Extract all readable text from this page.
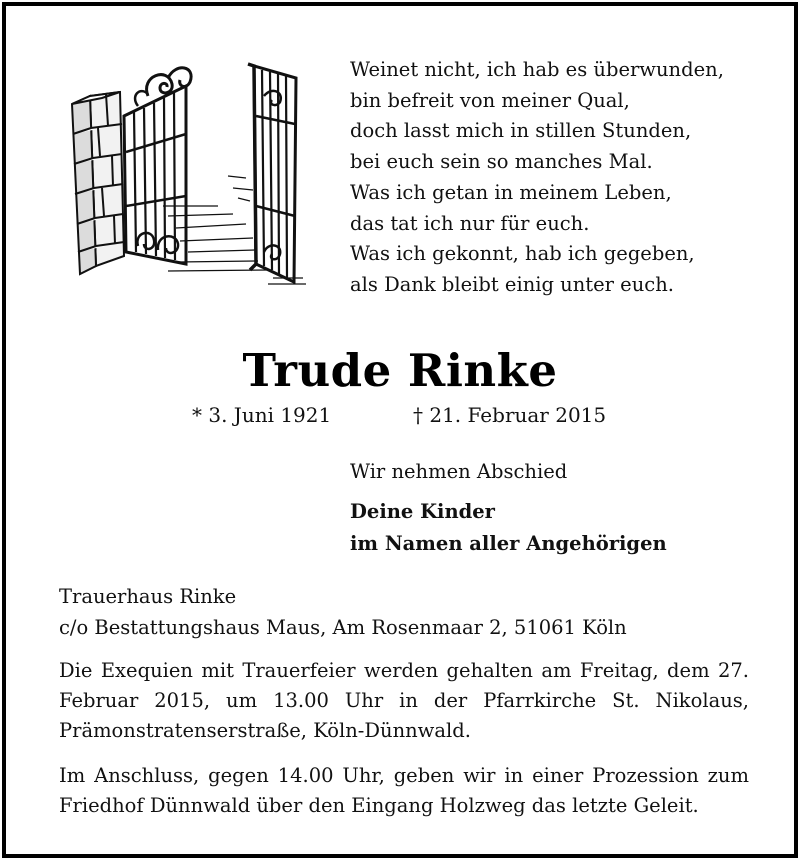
Weinet nicht, ich hab es überwunden,
bin befreit von meiner Qual,
doch lasst mich in stillen Stunden,
bei euch sein so manches Mal.
Was ich getan in meinem Leben,
das tat ich nur für euch.
Was ich gekonnt, hab ich gegeben,
als Dank bleibt einig unter euch.
Trude Rinke
* 3. Juni 1921	† 21. Februar 2015
Wir nehmen Abschied
Deine Kinder
im Namen aller Angehörigen
Trauerhaus Rinke
c/o Bestattungshaus Maus, Am Rosenmaar 2, 51061 Köln

Die Exequien mit Trauerfeier werden gehalten am Freitag, dem 27. Februar 2015, um 13.00 Uhr in der Pfarrkirche St. Nikolaus, Prämonstratenserstraße, Köln-Dünnwald.

Im Anschluss, gegen 14.00 Uhr, geben wir in einer Prozession zum Friedhof Dünnwald über den Eingang Holzweg das letzte Geleit.
